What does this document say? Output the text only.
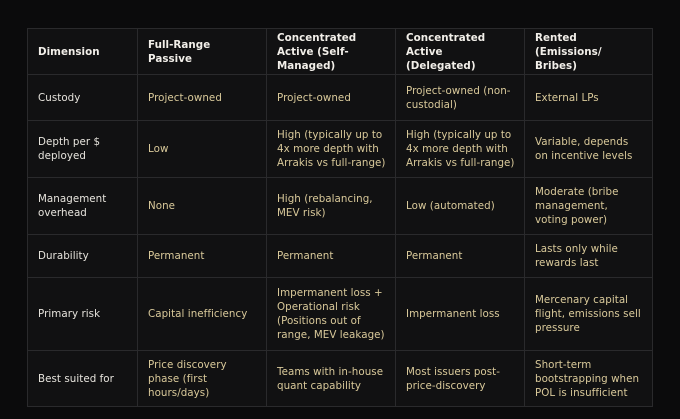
Dimension	Full-Range Passive	Concentrated Active (Self-Managed)	Concentrated Active (Delegated)	Rented (Emissions/ Bribes)
Custody	Project-owned	Project-owned	Project-owned (non-custodial)	External LPs
Depth per $ deployed	Low	High (typically up to 4x more depth with Arrakis vs full-range)	High (typically up to 4x more depth with Arrakis vs full-range)	Variable, depends on incentive levels
Management overhead	None	High (rebalancing, MEV risk)	Low (automated)	Moderate (bribe management, voting power)
Durability	Permanent	Permanent	Permanent	Lasts only while rewards last
Primary risk	Capital inefficiency	Impermanent loss + Operational risk (Positions out of range, MEV leakage)	Impermanent loss	Mercenary capital flight, emissions sell pressure
Best suited for	Price discovery phase (first hours/days)	Teams with in-house quant capability	Most issuers post-price-discovery	Short-term bootstrapping when POL is insufficient
